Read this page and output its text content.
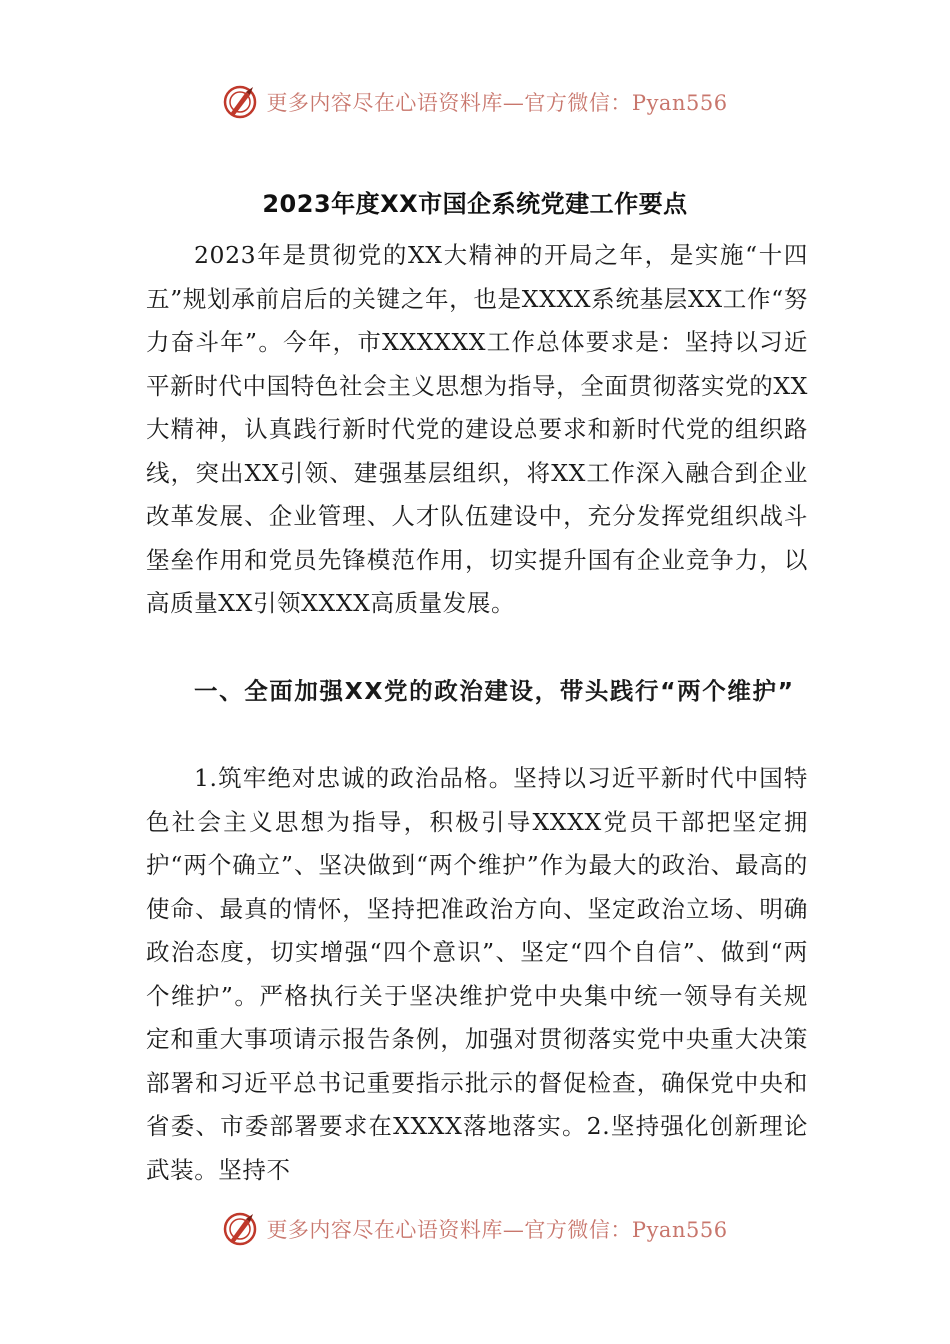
更多内容尽在心语资料库—官方微信：Pyan556
2023年度XX市国企系统党建工作要点

2023年是贯彻党的XX大精神的开局之年，是实施“十四五”规划承前启后的关键之年，也是XXXX系统基层XX工作“努力奋斗年”。今年，市XXXXXX工作总体要求是：坚持以习近平新时代中国特色社会主义思想为指导，全面贯彻落实党的XX大精神，认真践行新时代党的建设总要求和新时代党的组织路线，突出XX引领、建强基层组织，将XX工作深入融合到企业改革发展、企业管理、人才队伍建设中，充分发挥党组织战斗堡垒作用和党员先锋模范作用，切实提升国有企业竞争力，以高质量XX引领XXXX高质量发展。

一、全面加强XX党的政治建设，带头践行“两个维护”

1.筑牢绝对忠诚的政治品格。坚持以习近平新时代中国特色社会主义思想为指导，积极引导XXXX党员干部把坚定拥护“两个确立”、坚决做到“两个维护”作为最大的政治、最高的使命、最真的情怀，坚持把准政治方向、坚定政治立场、明确政治态度，切实增强“四个意识”、坚定“四个自信”、做到“两个维护”。严格执行关于坚决维护党中央集中统一领导有关规定和重大事项请示报告条例，加强对贯彻落实党中央重大决策部署和习近平总书记重要指示批示的督促检查，确保党中央和省委、市委部署要求在XXXX落地落实。2.坚持强化创新理论武装。坚持不

更多内容尽在心语资料库—官方微信：Pyan556
